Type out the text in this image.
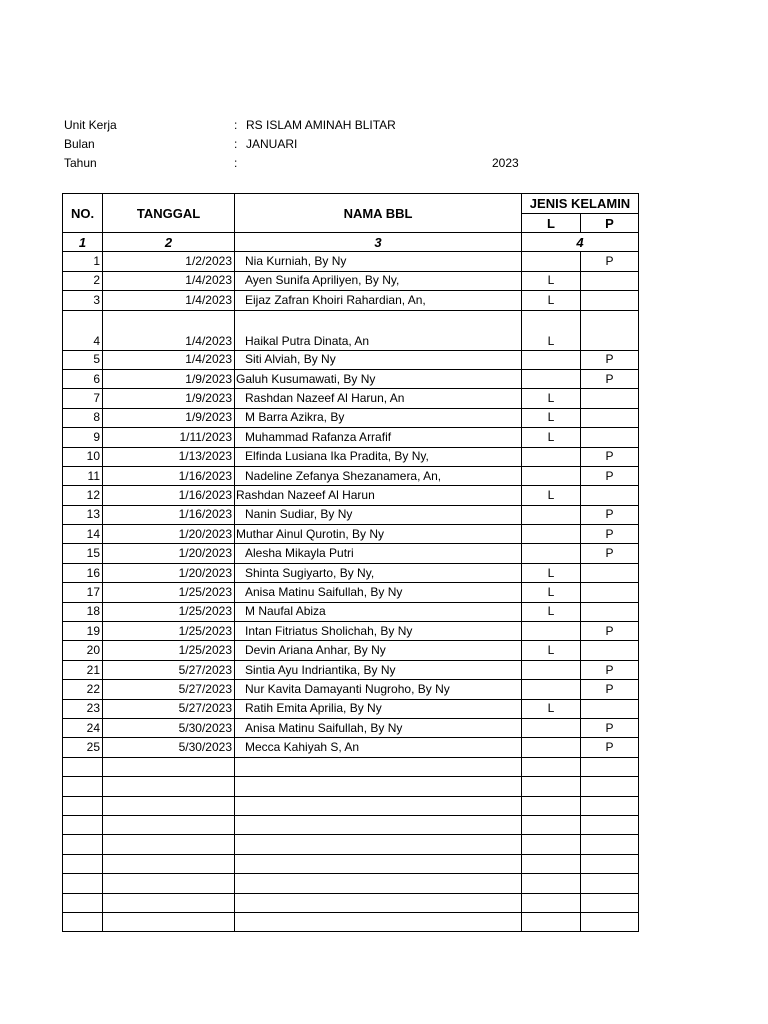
Unit Kerja	: RS ISLAM AMINAH BLITAR
Bulan	: JANUARI
Tahun	:	2023
NO.	TANGGAL	NAMA BBL	JENIS KELAMIN	
			L	P
1	2	3	4	
1	1/2/2023	Nia Kurniah, By Ny		P
2	1/4/2023	Ayen Sunifa Apriliyen, By Ny,	L	
3	1/4/2023	Eijaz Zafran Khoiri Rahardian, An,	L	
4	1/4/2023	Haikal Putra Dinata, An	L	
5	1/4/2023	Siti Alviah, By Ny		P
6	1/9/2023	Galuh Kusumawati, By Ny		P
7	1/9/2023	Rashdan Nazeef Al Harun, An	L	
8	1/9/2023	M Barra Azikra, By	L	
9	1/11/2023	Muhammad Rafanza Arrafif	L	
10	1/13/2023	Elfinda Lusiana Ika Pradita, By Ny,		P
11	1/16/2023	Nadeline Zefanya Shezanamera, An,		P
12	1/16/2023	Rashdan Nazeef Al Harun	L	
13	1/16/2023	Nanin Sudiar, By Ny		P
14	1/20/2023	Muthar Ainul Qurotin, By Ny		P
15	1/20/2023	Alesha Mikayla Putri		P
16	1/20/2023	Shinta Sugiyarto, By Ny,	L	
17	1/25/2023	Anisa Matinu Saifullah, By Ny	L	
18	1/25/2023	M Naufal Abiza	L	
19	1/25/2023	Intan Fitriatus Sholichah, By Ny		P
20	1/25/2023	Devin Ariana Anhar, By Ny	L	
21	5/27/2023	Sintia Ayu Indriantika, By Ny		P
22	5/27/2023	Nur Kavita Damayanti Nugroho, By Ny		P
23	5/27/2023	Ratih Emita Aprilia, By Ny	L	
24	5/30/2023	Anisa Matinu Saifullah, By Ny		P
25	5/30/2023	Mecca Kahiyah S, An		P
